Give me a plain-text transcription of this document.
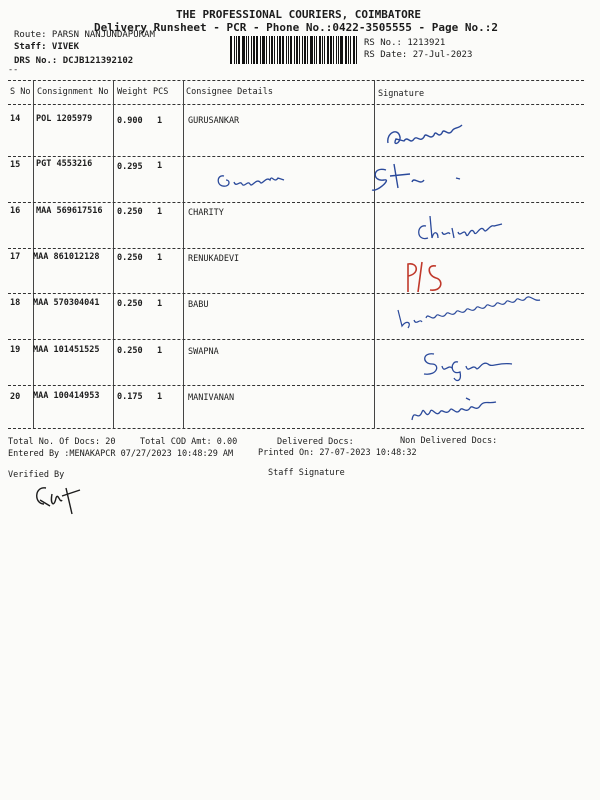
THE PROFESSIONAL COURIERS, COIMBATORE
Delivery Runsheet - PCR - Phone No.:0422-3505555 - Page No.:2
Route: PARSN NANJUNDAPURAM
Staff: VIVEK
DRS No.: DCJB121392102
RS No.: 1213921
RS Date: 27-Jul-2023
--
S No Consignment No Weight PCS Consignee Details	Signature
14 POL 1205979	0.900 1	GURUSANKAR
15 PGT 4553216	0.295 1
16 MAA 569617516 0.250 1	CHARITY
17 MAA 861012128 0.250 1	RENUKADEVI
18 MAA 570304041 0.250 1	BABU
19 MAA 101451525 0.250 1	SWAPNA
20 MAA 100414953 0.175 1	MANIVANAN
Total No. Of Docs: 20	Total COD Amt: 0.00	Delivered Docs:	Non Delivered Docs:
Entered By :MENAKAPCR 07/27/2023 10:48:29 AM	Printed On: 27-07-2023 10:48:32
Verified By	Staff Signature
